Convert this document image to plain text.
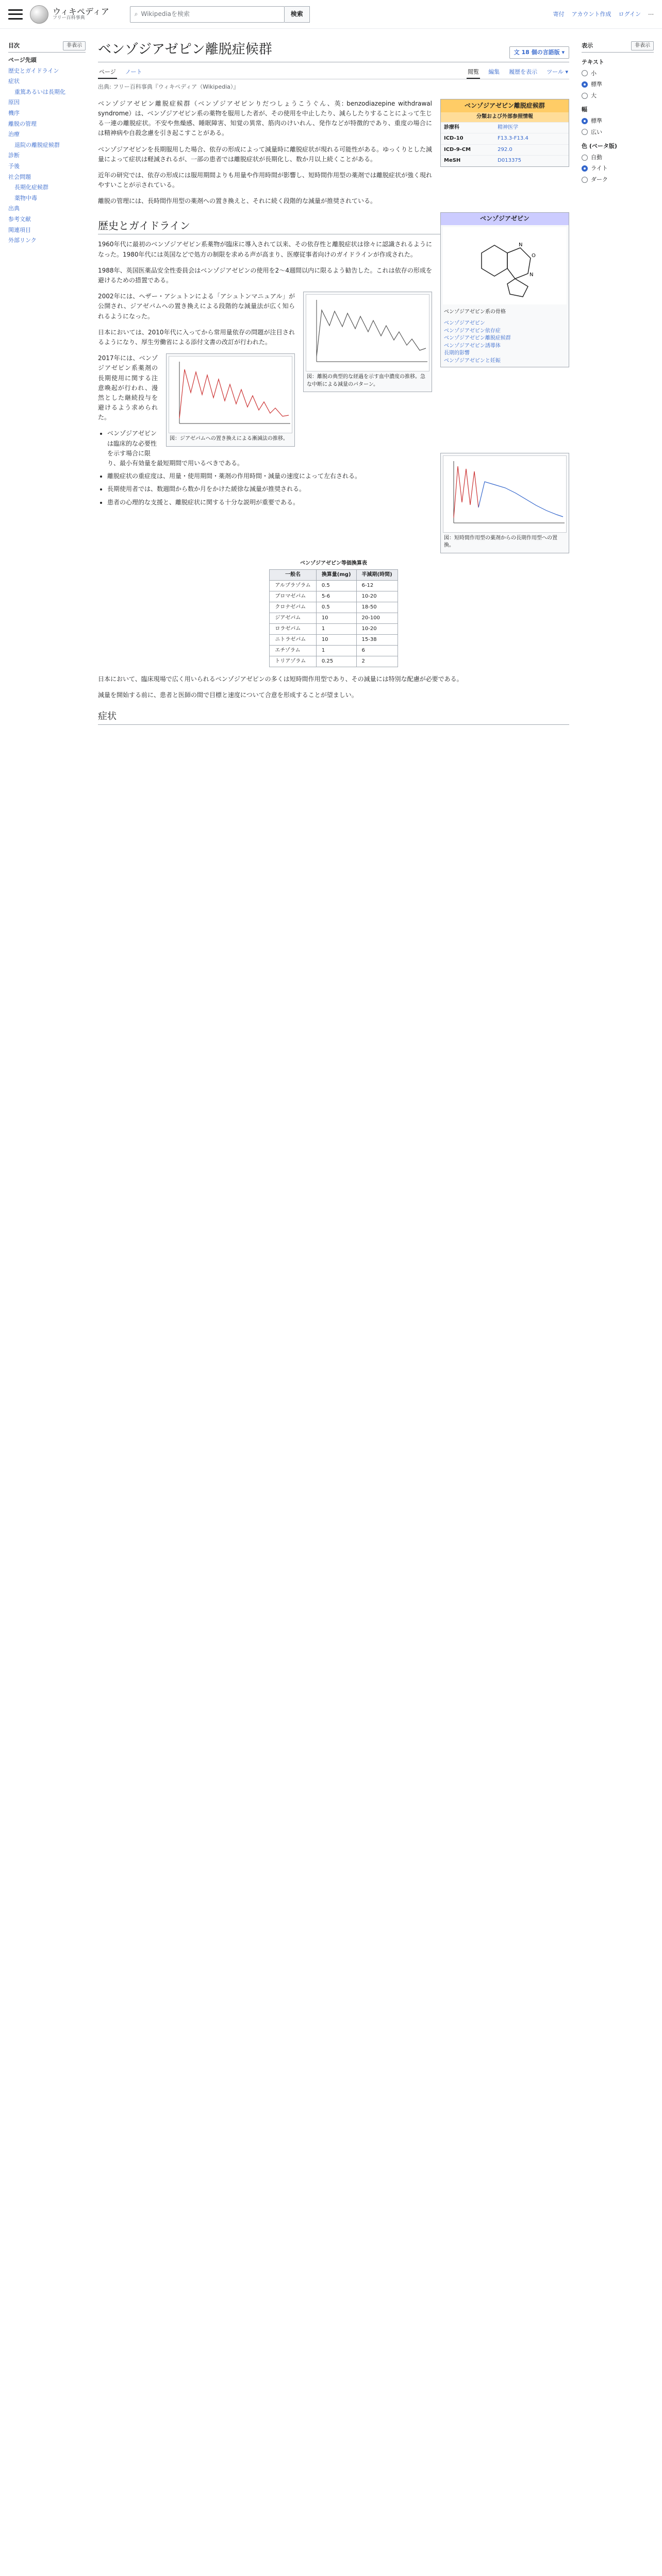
ウィキペディア
フリー百科事典
⌕ Wikipediaを検索	検索	寄付 アカウント作成 ログイン ⋯
目次	非表示
ページ先頭
歴史とガイドライン
症状
重篤あるいは長期化
原因
機序
離脱の管理
治療
退院の離脱症候群
診断
予後
社会問題
長期化症候群
薬物中毒
出典
参考文献
関連項目
外部リンク
ベンゾジアゼピン離脱症候群	文 18 個の言語版 ▾
ページ ノート	閲覧 編集 履歴を表示 ツール ▾
出典: フリー百科事典『ウィキペディア（Wikipedia）』
ベンゾジアゼピン離脱症候群
分類および外部参照情報
診療科	精神医学
ICD-10	F13.3-F13.4
ICD-9-CM	292.0
MeSH	D013375

ベンゾジアゼピン離脱症候群（ベンゾジアゼピンりだつしょうこうぐん、英: benzodiazepine withdrawal syndrome）は、ベンゾジアゼピン系の薬物を服用した者が、その使用を中止したり、減らしたりすることによって生じる一連の離脱症状。不安や焦燥感、睡眠障害、知覚の異常、筋肉のけいれん、発作などが特徴的であり、重度の場合には精神病や自殺念慮を引き起こすことがある。

ベンゾジアゼピンを長期服用した場合、依存の形成によって減量時に離脱症状が現れる可能性がある。ゆっくりとした減量によって症状は軽減されるが、一部の患者では離脱症状が長期化し、数か月以上続くことがある。

近年の研究では、依存の形成には服用期間よりも用量や作用時間が影響し、短時間作用型の薬剤では離脱症状が強く現れやすいことが示されている。

離脱の管理には、長時間作用型の薬剤への置き換えと、それに続く段階的な減量が推奨されている。

ベンゾジアゼピン
N
N
O
ベンゾジアゼピン系の骨格
ベンゾジアゼピン
ベンゾジアゼピン依存症
ベンゾジアゼピン離脱症候群
ベンゾジアゼピン誘導体
長期的影響
ベンゾジアゼピンと妊娠
歴史とガイドライン

1960年代に最初のベンゾジアゼピン系薬物が臨床に導入されて以来、その依存性と離脱症状は徐々に認識されるようになった。1980年代には英国などで処方の制限を求める声が高まり、医療従事者向けのガイドラインが作成された。

1988年、英国医薬品安全性委員会はベンゾジアゼピンの使用を2〜4週間以内に限るよう勧告した。これは依存の形成を避けるための措置である。

図：離脱の典型的な経過を示す血中濃度の推移。急な中断による減量のパターン。

2002年には、ヘザー・アシュトンによる「アシュトンマニュアル」が公開され、ジアゼパムへの置き換えによる段階的な減量法が広く知られるようになった。

日本においては、2010年代に入ってから常用量依存の問題が注目されるようになり、厚生労働省による添付文書の改訂が行われた。

図：ジアゼパムへの置き換えによる漸減法の推移。

2017年には、ベンゾジアゼピン系薬剤の長期使用に関する注意喚起が行われ、漫然とした継続投与を避けるよう求められた。

図：短時間作用型の薬剤からの長期作用型への置換。
• ベンゾジアゼピンは臨床的な必要性を示す場合に限り、最小有効量を最短期間で用いるべきである。
• 離脱症状の重症度は、用量・使用期間・薬剤の作用時間・減量の速度によって左右される。
• 長期使用者では、数週間から数か月をかけた緩徐な減量が推奨される。
• 患者の心理的な支援と、離脱症状に関する十分な説明が重要である。
ベンゾジアゼピン等価換算表
一般名	換算量(mg)	半減期(時間)
アルプラゾラム	0.5	6-12
ブロマゼパム	5-6	10-20
クロナゼパム	0.5	18-50
ジアゼパム	10	20-100
ロラゼパム	1	10-20
ニトラゼパム	10	15-38
エチゾラム	1	6
トリアゾラム	0.25	2

日本において、臨床現場で広く用いられるベンゾジアゼピンの多くは短時間作用型であり、その減量には特別な配慮が必要である。

減量を開始する前に、患者と医師の間で目標と速度について合意を形成することが望ましい。

症状
表示	非表示
テキスト
小
標準
大
幅
標準
広い
色 (ベータ版)
自動
ライト
ダーク
